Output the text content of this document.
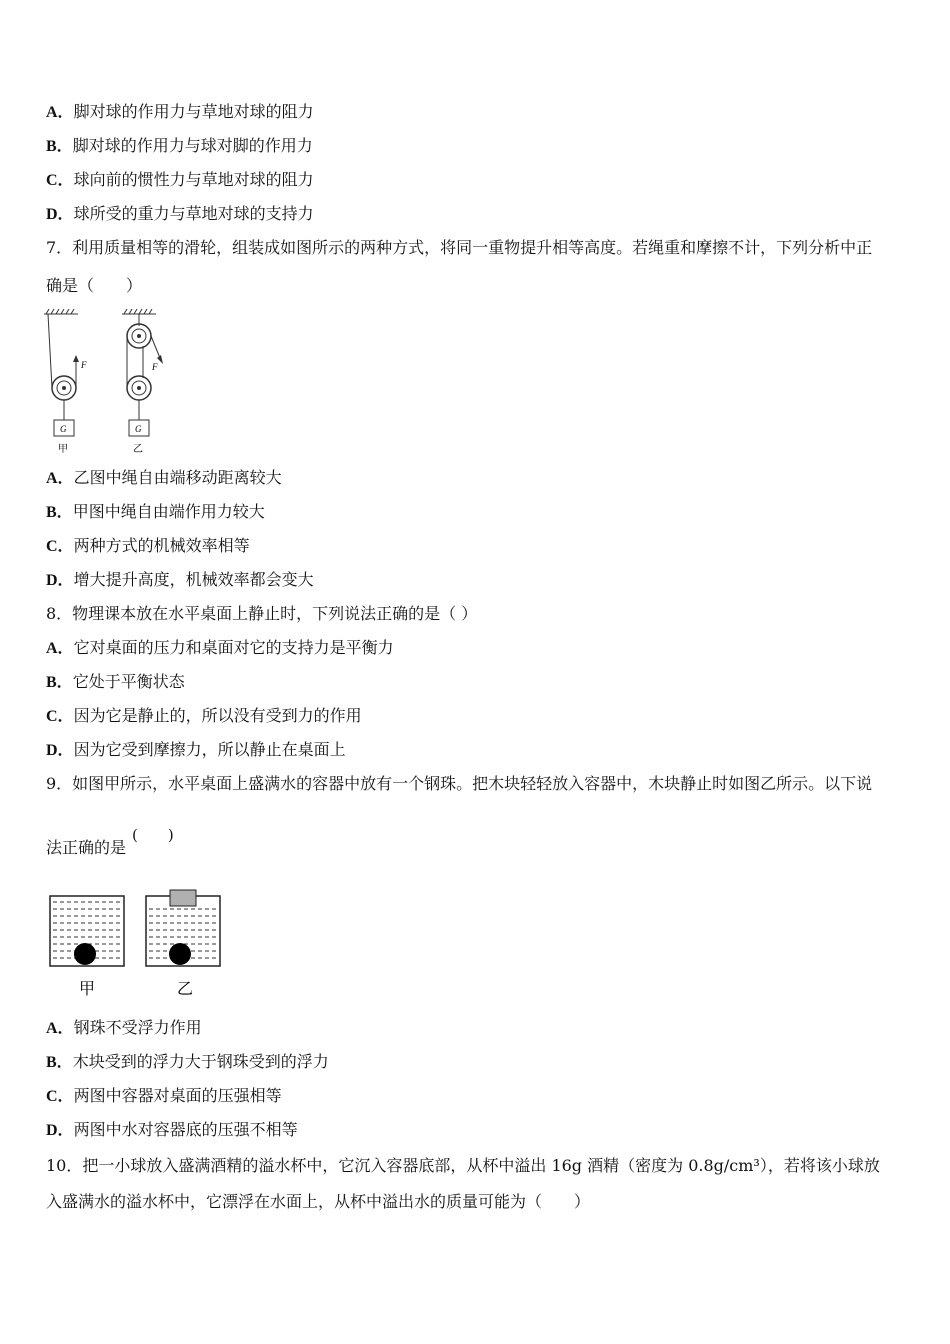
A．脚对球的作用力与草地对球的阻力
B．脚对球的作用力与球对脚的作用力
C．球向前的惯性力与草地对球的阻力
D．球所受的重力与草地对球的支持力
7．利用质量相等的滑轮，组装成如图所示的两种方式，将同一重物提升相等高度。若绳重和摩擦不计，下列分析中正
确是（　　）
F
G
甲
F
G
乙
A．乙图中绳自由端移动距离较大
B．甲图中绳自由端作用力较大
C．两种方式的机械效率相等
D．增大提升高度，机械效率都会变大
8．物理课本放在水平桌面上静止时，下列说法正确的是（ ）
A．它对桌面的压力和桌面对它的支持力是平衡力
B．它处于平衡状态
C．因为它是静止的，所以没有受到力的作用
D．因为它受到摩擦力，所以静止在桌面上
9．如图甲所示，水平桌面上盛满水的容器中放有一个钢珠。把木块轻轻放入容器中，木块静止时如图乙所示。以下说
法正确的是
(　　)
甲	乙
A．钢珠不受浮力作用
B．木块受到的浮力大于钢珠受到的浮力
C．两图中容器对桌面的压强相等
D．两图中水对容器底的压强不相等
10．把一小球放入盛满酒精的溢水杯中，它沉入容器底部，从杯中溢出 16g 酒精（密度为 0.8g/cm³），若将该小球放
入盛满水的溢水杯中，它漂浮在水面上，从杯中溢出水的质量可能为（　　）
